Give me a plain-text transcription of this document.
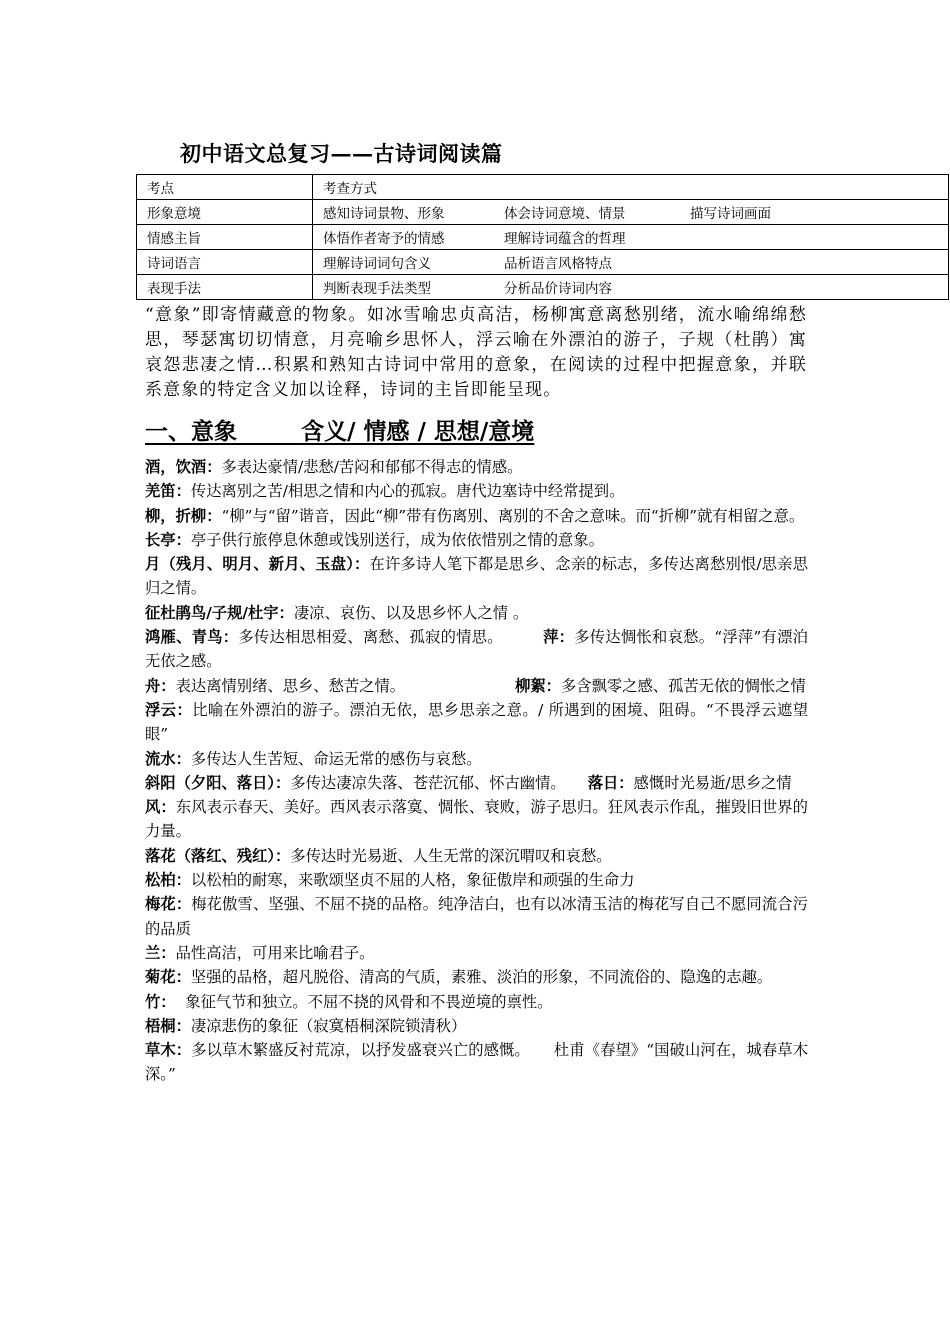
初中语文总复习——古诗词阅读篇
考点	考查方式
形象意境	感知诗词景物、形象 体会诗词意境、情景 描写诗词画面
情感主旨	体悟作者寄予的情感 理解诗词蕴含的哲理
诗词语言	理解诗词词句含义 品析语言风格特点
表现手法	判断表现手法类型 分析品价诗词内容

“意象”即寄情藏意的物象。如冰雪喻忠贞高洁，杨柳寓意离愁别绪，流水喻绵绵愁思，琴瑟寓切切情意，月亮喻乡思怀人，浮云喻在外漂泊的游子，子规（杜鹃）寓哀怨悲凄之情…积累和熟知古诗词中常用的意象，在阅读的过程中把握意象，并联系意象的特定含义加以诠释，诗词的主旨即能呈现。

一、意象	含义/ 情感 / 思想/意境

酒，饮酒：多表达豪情/悲愁/苦闷和郁郁不得志的情感。

羌笛：传达离别之苦/相思之情和内心的孤寂。唐代边塞诗中经常提到。

柳，折柳：“柳”与“留”谐音，因此“柳”带有伤离别、离别的不舍之意味。而“折柳”就有相留之意。

长亭：亭子供行旅停息休憩或饯别送行，成为依依惜别之情的意象。

月（残月、明月、新月、玉盘）：在许多诗人笔下都是思乡、念亲的标志，多传达离愁别恨/思亲思归之情。

征杜鹃鸟/子规/杜宇：凄凉、哀伤、以及思乡怀人之情 。

鸿雁、青鸟：多传达相思相爱、离愁、孤寂的情思。	萍：多传达惆怅和哀愁。“浮萍”有漂泊无依之感。

舟：表达离情别绪、思乡、愁苦之情。	柳絮：多含飘零之感、孤苦无依的惆怅之情

浮云：比喻在外漂泊的游子。漂泊无依，思乡思亲之意。/ 所遇到的困境、阻碍。“不畏浮云遮望眼”

流水：多传达人生苦短、命运无常的感伤与哀愁。

斜阳（夕阳、落日）：多传达凄凉失落、苍茫沉郁、怀古幽情。 落日：感慨时光易逝/思乡之情

风：东风表示春天、美好。西风表示落寞、惆怅、衰败，游子思归。狂风表示作乱，摧毁旧世界的力量。

落花（落红、残红）：多传达时光易逝、人生无常的深沉喟叹和哀愁。

松柏：以松柏的耐寒，来歌颂坚贞不屈的人格，象征傲岸和顽强的生命力

梅花：梅花傲雪、坚强、不屈不挠的品格。纯净洁白，也有以冰清玉洁的梅花写自己不愿同流合污的品质

兰：品性高洁，可用来比喻君子。

菊花：坚强的品格，超凡脱俗、清高的气质，素雅、淡泊的形象，不同流俗的、隐逸的志趣。

竹：  象征气节和独立。不屈不挠的风骨和不畏逆境的禀性。

梧桐：凄凉悲伤的象征（寂寞梧桐深院锁清秋）

草木：多以草木繁盛反衬荒凉，以抒发盛衰兴亡的感慨。 杜甫《春望》“国破山河在，城春草木深。”
